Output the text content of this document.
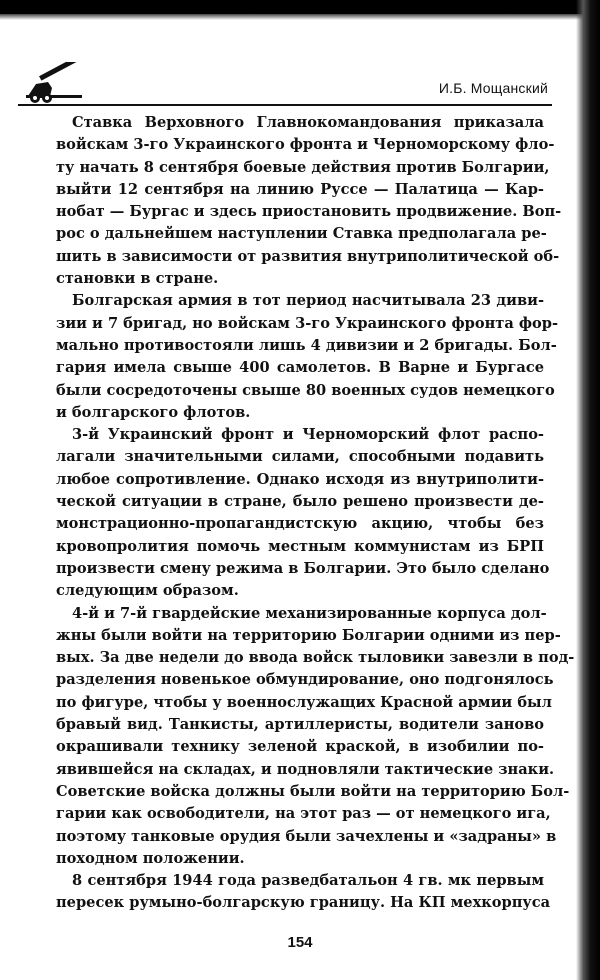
И.Б. Мощанский

Ставка Верховного Главнокомандования приказала
войскам 3-го Украинского фронта и Черноморскому фло-
ту начать 8 сентября боевые действия против Болгарии,
выйти 12 сентября на линию Руссе — Палатица — Кар-
нобат — Бургас и здесь приостановить продвижение. Воп-
рос о дальнейшем наступлении Ставка предполагала ре-
шить в зависимости от развития внутриполитической об-
становки в стране.

Болгарская армия в тот период насчитывала 23 диви-
зии и 7 бригад, но войскам 3-го Украинского фронта фор-
мально противостояли лишь 4 дивизии и 2 бригады. Бол-
гария имела свыше 400 самолетов. В Варне и Бургасе
были сосредоточены свыше 80 военных судов немецкого
и болгарского флотов.

3-й Украинский фронт и Черноморский флот распо-
лагали значительными силами, способными подавить
любое сопротивление. Однако исходя из внутриполити-
ческой ситуации в стране, было решено произвести де-
монстрационно-пропагандистскую акцию, чтобы без
кровопролития помочь местным коммунистам из БРП
произвести смену режима в Болгарии. Это было сделано
следующим образом.

4-й и 7-й гвардейские механизированные корпуса дол-
жны были войти на территорию Болгарии одними из пер-
вых. За две недели до ввода войск тыловики завезли в под-
разделения новенькое обмундирование, оно подгонялось
по фигуре, чтобы у военнослужащих Красной армии был
бравый вид. Танкисты, артиллеристы, водители заново
окрашивали технику зеленой краской, в изобилии по-
явившейся на складах, и подновляли тактические знаки.
Советские войска должны были войти на территорию Бол-
гарии как освободители, на этот раз — от немецкого ига,
поэтому танковые орудия были зачехлены и «задраны» в
походном положении.

8 сентября 1944 года разведбатальон 4 гв. мк первым
пересек румыно-болгарскую границу. На КП мехкорпуса

154
